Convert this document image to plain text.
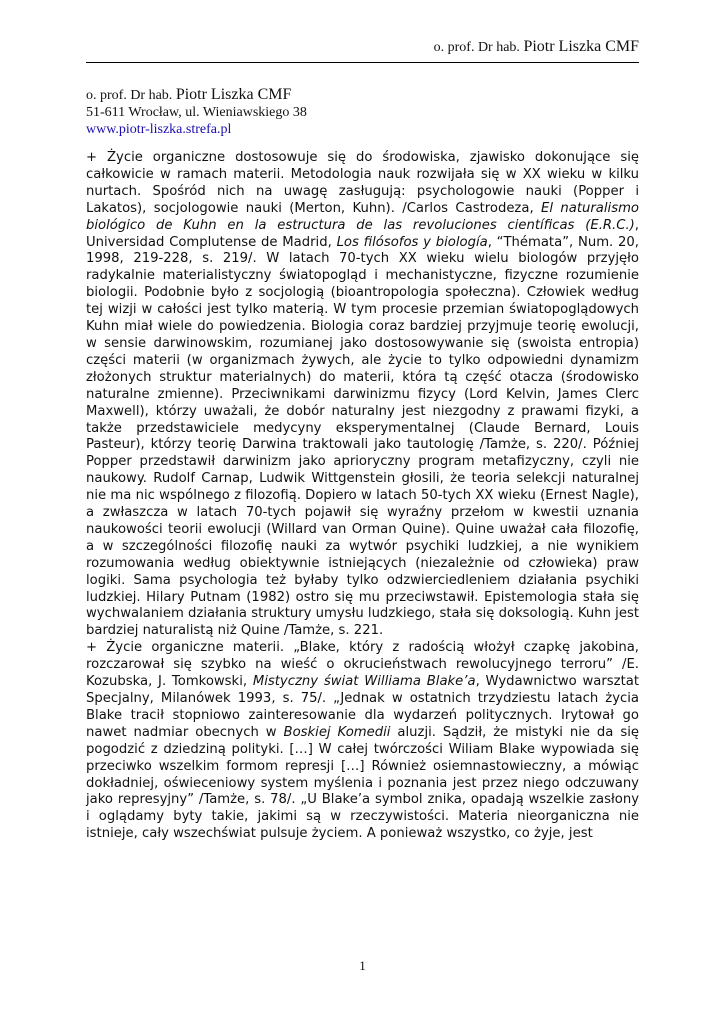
o. prof. Dr hab. Piotr Liszka CMF
o. prof. Dr hab. Piotr Liszka CMF
51-611 Wrocław, ul. Wieniawskiego 38
www.piotr-liszka.strefa.pl

+ Życie organiczne dostosowuje się do środowiska, zjawisko dokonujące się całkowicie w ramach materii. Metodologia nauk rozwijała się w XX wieku w kilku nurtach. Spośród nich na uwagę zasługują: psychologowie nauki (Popper i Lakatos), socjologowie nauki (Merton, Kuhn). /Carlos Castrodeza, El naturalismo biológico de Kuhn en la estructura de las revoluciones científicas (E.R.C.), Universidad Complutense de Madrid, Los filósofos y biología, “Thémata”, Num. 20, 1998, 219-228, s. 219/. W latach 70-tych XX wieku wielu biologów przyjęło radykalnie materialistyczny światopogląd i mechanistyczne, fizyczne rozumienie biologii. Podobnie było z socjologią (bioantropologia społeczna). Człowiek według tej wizji w całości jest tylko materią. W tym procesie przemian światopoglądowych Kuhn miał wiele do powiedzenia. Biologia coraz bardziej przyjmuje teorię ewolucji, w sensie darwinowskim, rozumianej jako dostosowywanie się (swoista entropia) części materii (w organizmach żywych, ale życie to tylko odpowiedni dynamizm złożonych struktur materialnych) do materii, która tą część otacza (środowisko naturalne zmienne). Przeciwnikami darwinizmu fizycy (Lord Kelvin, James Clerc Maxwell), którzy uważali, że dobór naturalny jest niezgodny z prawami fizyki, a także przedstawiciele medycyny eksperymentalnej (Claude Bernard, Louis Pasteur), którzy teorię Darwina traktowali jako tautologię /Tamże, s. 220/. Później Popper przedstawił darwinizm jako aprioryczny program metafizyczny, czyli nie naukowy. Rudolf Carnap, Ludwik Wittgenstein głosili, że teoria selekcji naturalnej nie ma nic wspólnego z filozofią. Dopiero w latach 50-tych XX wieku (Ernest Nagle), a zwłaszcza w latach 70-tych pojawił się wyraźny przełom w kwestii uznania naukowości teorii ewolucji (Willard van Orman Quine). Quine uważał cała filozofię, a w szczególności filozofię nauki za wytwór psychiki ludzkiej, a nie wynikiem rozumowania według obiektywnie istniejących (niezależnie od człowieka) praw logiki. Sama psychologia też byłaby tylko odzwierciedleniem działania psychiki ludzkiej. Hilary Putnam (1982) ostro się mu przeciwstawił. Epistemologia stała się wychwalaniem działania struktury umysłu ludzkiego, stała się doksologią. Kuhn jest bardziej naturalistą niż Quine /Tamże, s. 221.

+ Życie organiczne materii. „Blake, który z radością włożył czapkę jakobina, rozczarował się szybko na wieść o okrucieństwach rewolucyjnego terroru” /E. Kozubska, J. Tomkowski, Mistyczny świat Williama Blake’a, Wydawnictwo warsztat Specjalny, Milanówek 1993, s. 75/. „Jednak w ostatnich trzydziestu latach życia Blake tracił stopniowo zainteresowanie dla wydarzeń politycznych. Irytował go nawet nadmiar obecnych w Boskiej Komedii aluzji. Sądził, że mistyki nie da się pogodzić z dziedziną polityki. […] W całej twórczości Wiliam Blake wypowiada się przeciwko wszelkim formom represji […] Również osiemnastowieczny, a mówiąc dokładniej, oświeceniowy system myślenia i poznania jest przez niego odczuwany jako represyjny” /Tamże, s. 78/. „U Blake’a symbol znika, opadają wszelkie zasłony i oglądamy byty takie, jakimi są w rzeczywistości. Materia nieorganiczna nie istnieje, cały wszechświat pulsuje życiem. A ponieważ wszystko, co żyje, jest

1
